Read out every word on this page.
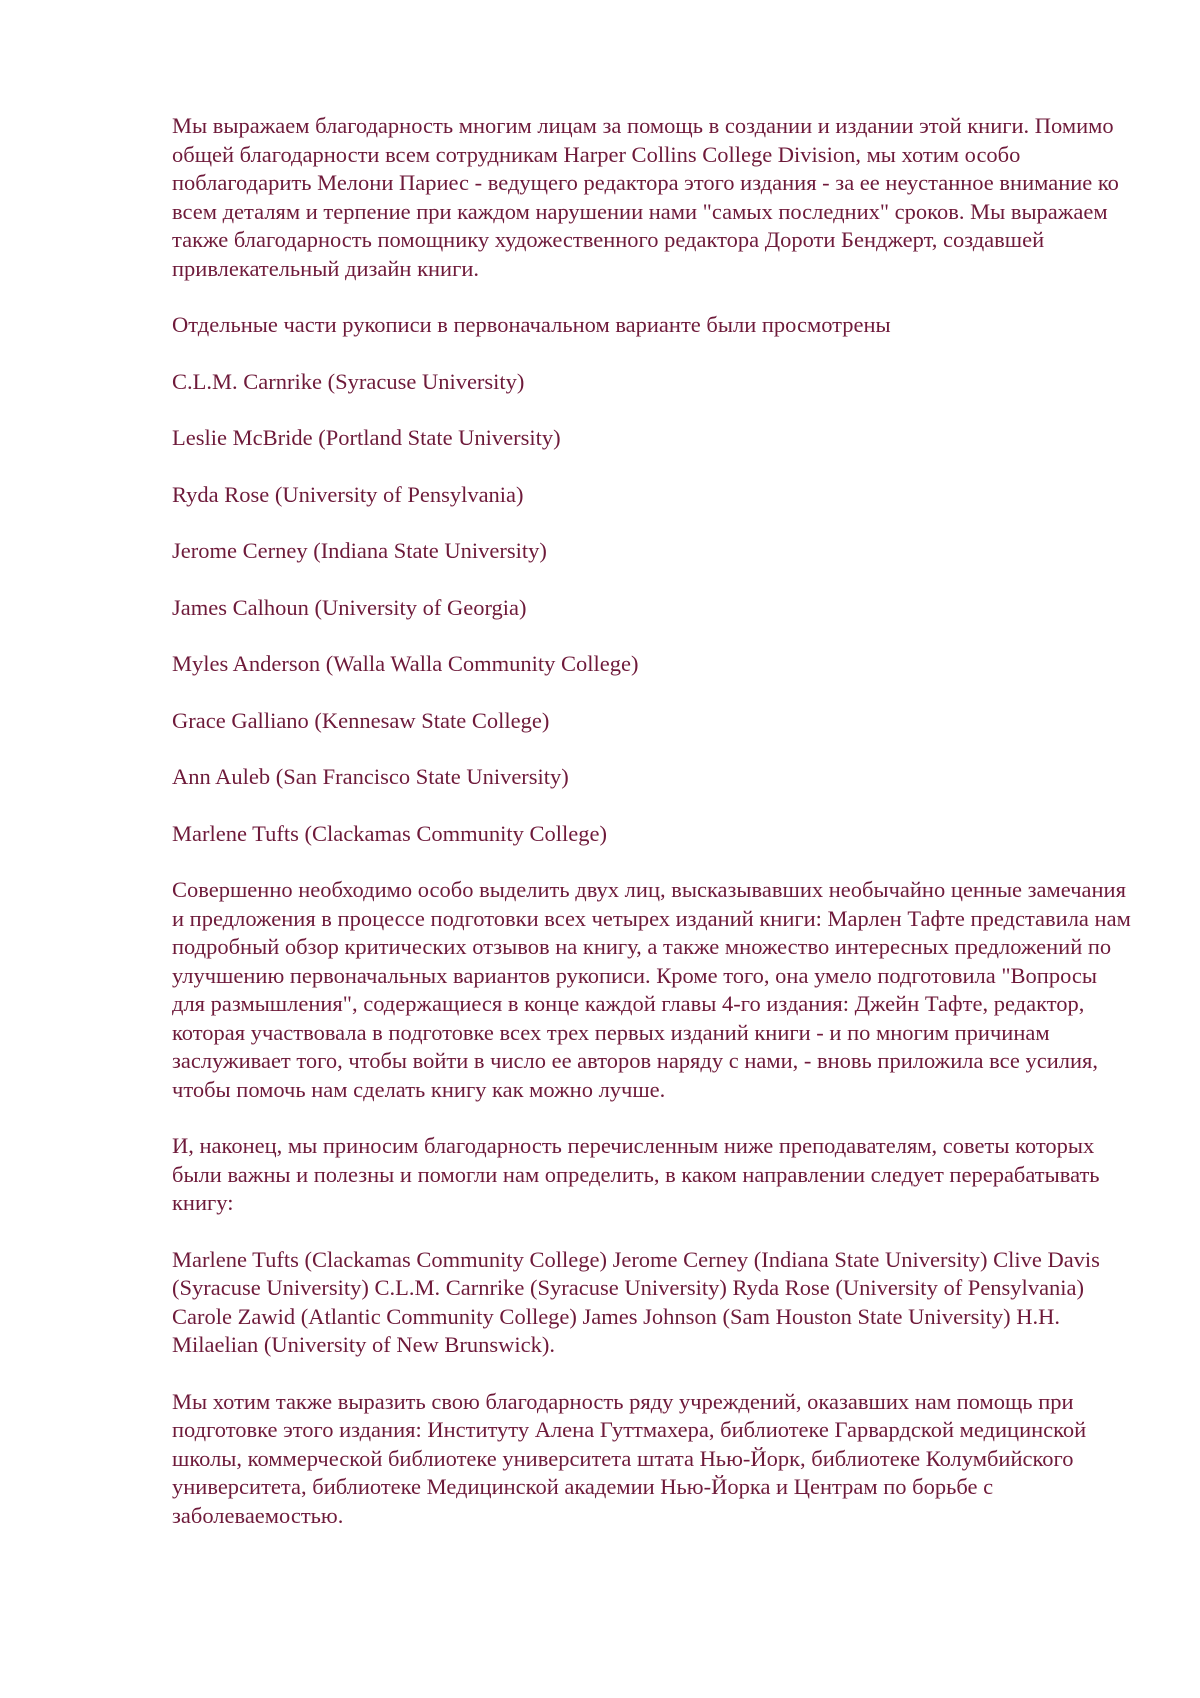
Мы выражаем благодарность многим лицам за помощь в создании и издании этой книги. Помимо общей благодарности всем сотрудникам Harper Collins College Division, мы хотим особо поблагодарить Мелони Париес - ведущего редактора этого издания - за ее неустанное внимание ко всем деталям и терпение при каждом нарушении нами "самых последних" сроков. Мы выражаем также благодарность помощнику художественного редактора Дороти Бенджерт, создавшей привлекательный дизайн книги.

Отдельные части рукописи в первоначальном варианте были просмотрены

C.L.M. Carnrike (Syracuse University)
Leslie McBride (Portland State University)
Ryda Rose (University of Pensylvania)
Jerome Cerney (Indiana State University)
James Calhoun (University of Georgia)
Myles Anderson (Walla Walla Community College)
Grace Galliano (Kennesaw State College)
Ann Auleb (San Francisco State University)
Marlene Tufts (Clackamas Community College)

Совершенно необходимо особо выделить двух лиц, высказывавших необычайно ценные замечания и предложения в процессе подготовки всех четырех изданий книги: Марлен Тафте представила нам подробный обзор критических отзывов на книгу, а также множество интересных предложений по улучшению первоначальных вариантов рукописи. Кроме того, она умело подготовила "Вопросы для размышления", содержащиеся в конце каждой главы 4-го издания: Джейн Тафте, редактор, которая участвовала в подготовке всех трех первых изданий книги - и по многим причинам заслуживает того, чтобы войти в число ее авторов наряду с нами, - вновь приложила все усилия, чтобы помочь нам сделать книгу как можно лучше.

И, наконец, мы приносим благодарность перечисленным ниже преподавателям, советы которых были важны и полезны и помогли нам определить, в каком направлении следует перерабатывать книгу:

Marlene Tufts (Clackamas Community College) Jerome Cerney (Indiana State University) Clive Davis (Syracuse University) C.L.M. Carnrike (Syracuse University) Ryda Rose (University of Pensylvania) Carole Zawid (Atlantic Community College) James Johnson (Sam Houston State University) H.H. Milaelian (University of New Brunswick).

Мы хотим также выразить свою благодарность ряду учреждений, оказавших нам помощь при подготовке этого издания: Институту Алена Гуттмахера, библиотеке Гарвардской медицинской школы, коммерческой библиотеке университета штата Нью-Йорк, библиотеке Колумбийского университета, библиотеке Медицинской академии Нью-Йорка и Центрам по борьбе с заболеваемостью.
